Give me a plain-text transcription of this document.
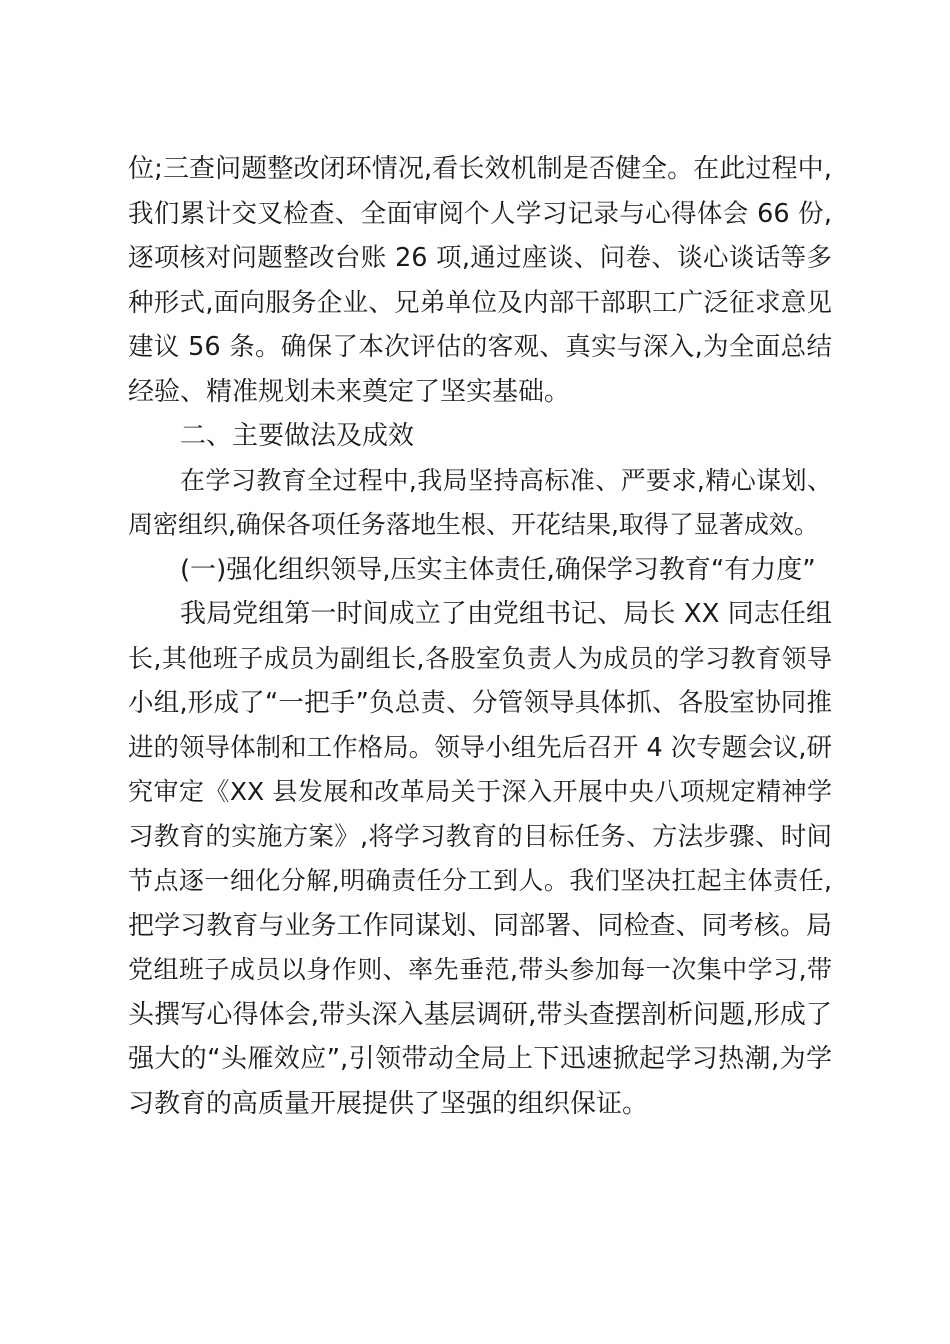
位;三查问题整改闭环情况,看长效机制是否健全。在此过程中,
我们累计交叉检查、全面审阅个人学习记录与心得体会 66 份,
逐项核对问题整改台账 26 项,通过座谈、问卷、谈心谈话等多
种形式,面向服务企业、兄弟单位及内部干部职工广泛征求意见
建议 56 条。确保了本次评估的客观、真实与深入,为全面总结
经验、精准规划未来奠定了坚实基础。
二、主要做法及成效
在学习教育全过程中,我局坚持高标准、严要求,精心谋划、
周密组织,确保各项任务落地生根、开花结果,取得了显著成效。
(一)强化组织领导,压实主体责任,确保学习教育“有力度”
我局党组第一时间成立了由党组书记、局长 XX 同志任组
长,其他班子成员为副组长,各股室负责人为成员的学习教育领导
小组,形成了“一把手”负总责、分管领导具体抓、各股室协同推
进的领导体制和工作格局。领导小组先后召开 4 次专题会议,研
究审定《XX 县发展和改革局关于深入开展中央八项规定精神学
习教育的实施方案》,将学习教育的目标任务、方法步骤、时间
节点逐一细化分解,明确责任分工到人。我们坚决扛起主体责任,
把学习教育与业务工作同谋划、同部署、同检查、同考核。局
党组班子成员以身作则、率先垂范,带头参加每一次集中学习,带
头撰写心得体会,带头深入基层调研,带头查摆剖析问题,形成了
强大的“头雁效应”,引领带动全局上下迅速掀起学习热潮,为学
习教育的高质量开展提供了坚强的组织保证。
